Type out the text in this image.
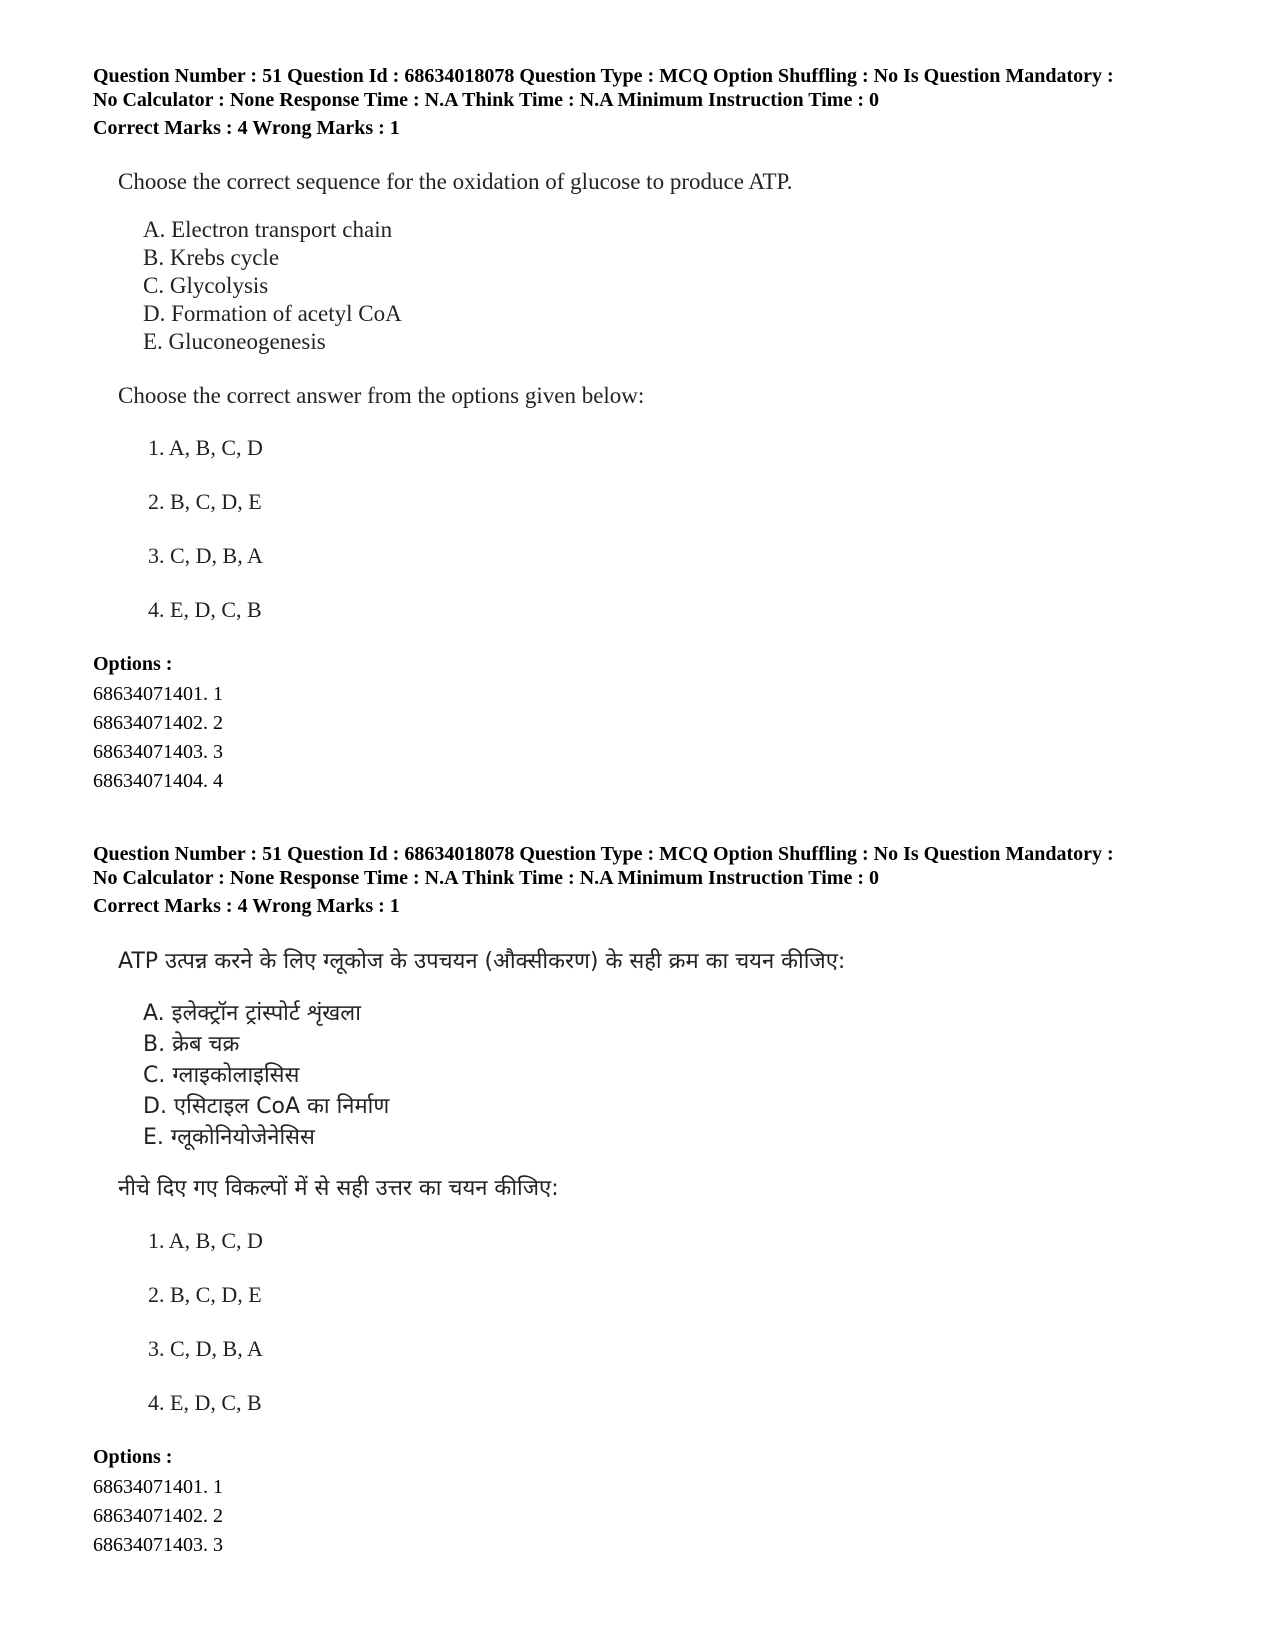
Question Number : 51 Question Id : 68634018078 Question Type : MCQ Option Shuffling : No Is Question Mandatory :
No Calculator : None Response Time : N.A Think Time : N.A Minimum Instruction Time : 0

Correct Marks : 4 Wrong Marks : 1

Choose the correct sequence for the oxidation of glucose to produce ATP.
A. Electron transport chain
B. Krebs cycle
C. Glycolysis
D. Formation of acetyl CoA
E. Gluconeogenesis
Choose the correct answer from the options given below:
1. A, B, C, D
2. B, C, D, E
3. C, D, B, A
4. E, D, C, B

Options :

68634071401. 1
68634071402. 2
68634071403. 3
68634071404. 4

Question Number : 51 Question Id : 68634018078 Question Type : MCQ Option Shuffling : No Is Question Mandatory :
No Calculator : None Response Time : N.A Think Time : N.A Minimum Instruction Time : 0

Correct Marks : 4 Wrong Marks : 1

ATP उत्पन्न करने के लिए ग्लूकोज के उपचयन (औक्सीकरण) के सही क्रम का चयन कीजिए:
A. इलेक्ट्रॉन ट्रांस्पोर्ट शृंखला
B. क्रेब चक्र
C. ग्लाइकोलाइसिस
D. एसिटाइल CoA का निर्माण
E. ग्लूकोनियोजेनेसिस
नीचे दिए गए विकल्पों में से सही उत्तर का चयन कीजिए:
1. A, B, C, D
2. B, C, D, E
3. C, D, B, A
4. E, D, C, B

Options :

68634071401. 1
68634071402. 2
68634071403. 3
